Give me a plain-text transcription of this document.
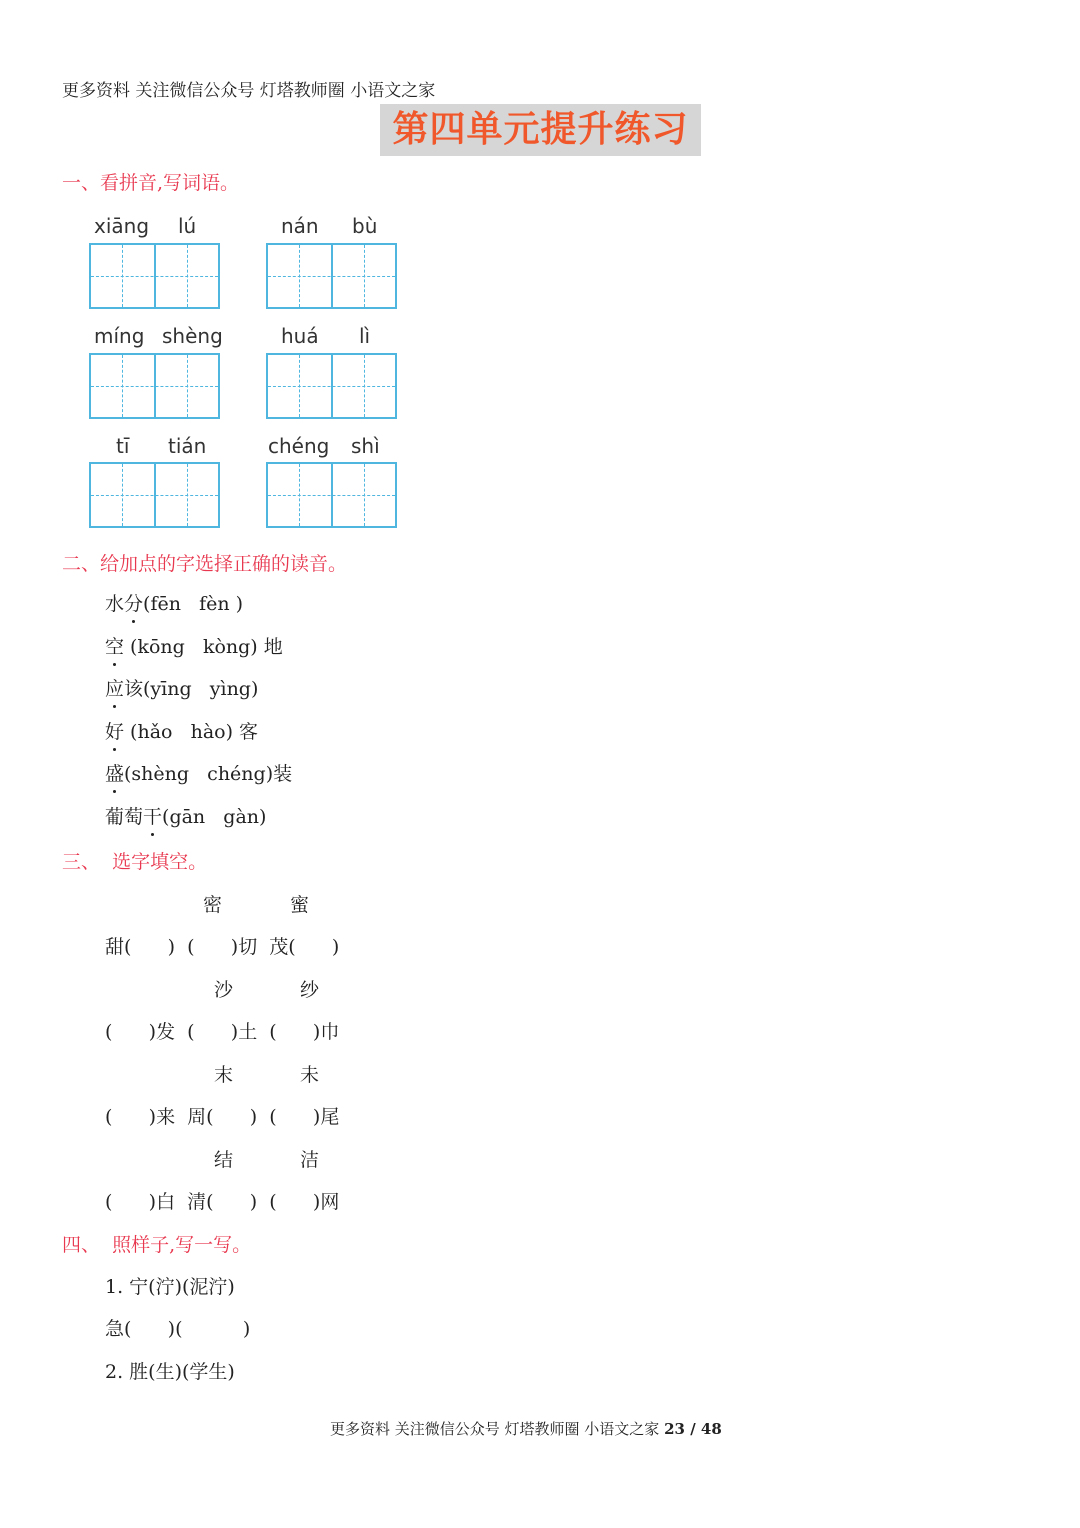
更多资料 关注微信公众号 灯塔教师圈 小语文之家
第四单元提升练习
一、看拼音,写词语。
xiāng lú	nán bù
míng shèng	huá lì
tī tián	chéng shì
二、给加点的字选择正确的读音。
水分(fēn   fèn )
空 (kōng   kòng) 地
应该(yīng   yìng)
好 (hǎo   hào) 客
盛(shèng   chéng)装
葡萄干(gān   gàn)
三、  选字填空。
密	蜜
甜(      )  (      )切  茂(      )
沙	纱
(      )发  (      )土  (      )巾
末	未
(      )来  周(      )  (      )尾
结	洁
(      )白  清(      )  (      )网
四、  照样子,写一写。
1. 宁(泞)(泥泞)
急(      )(          )
2. 胜(生)(学生)
更多资料 关注微信公众号 灯塔教师圈 小语文之家 23 / 48
